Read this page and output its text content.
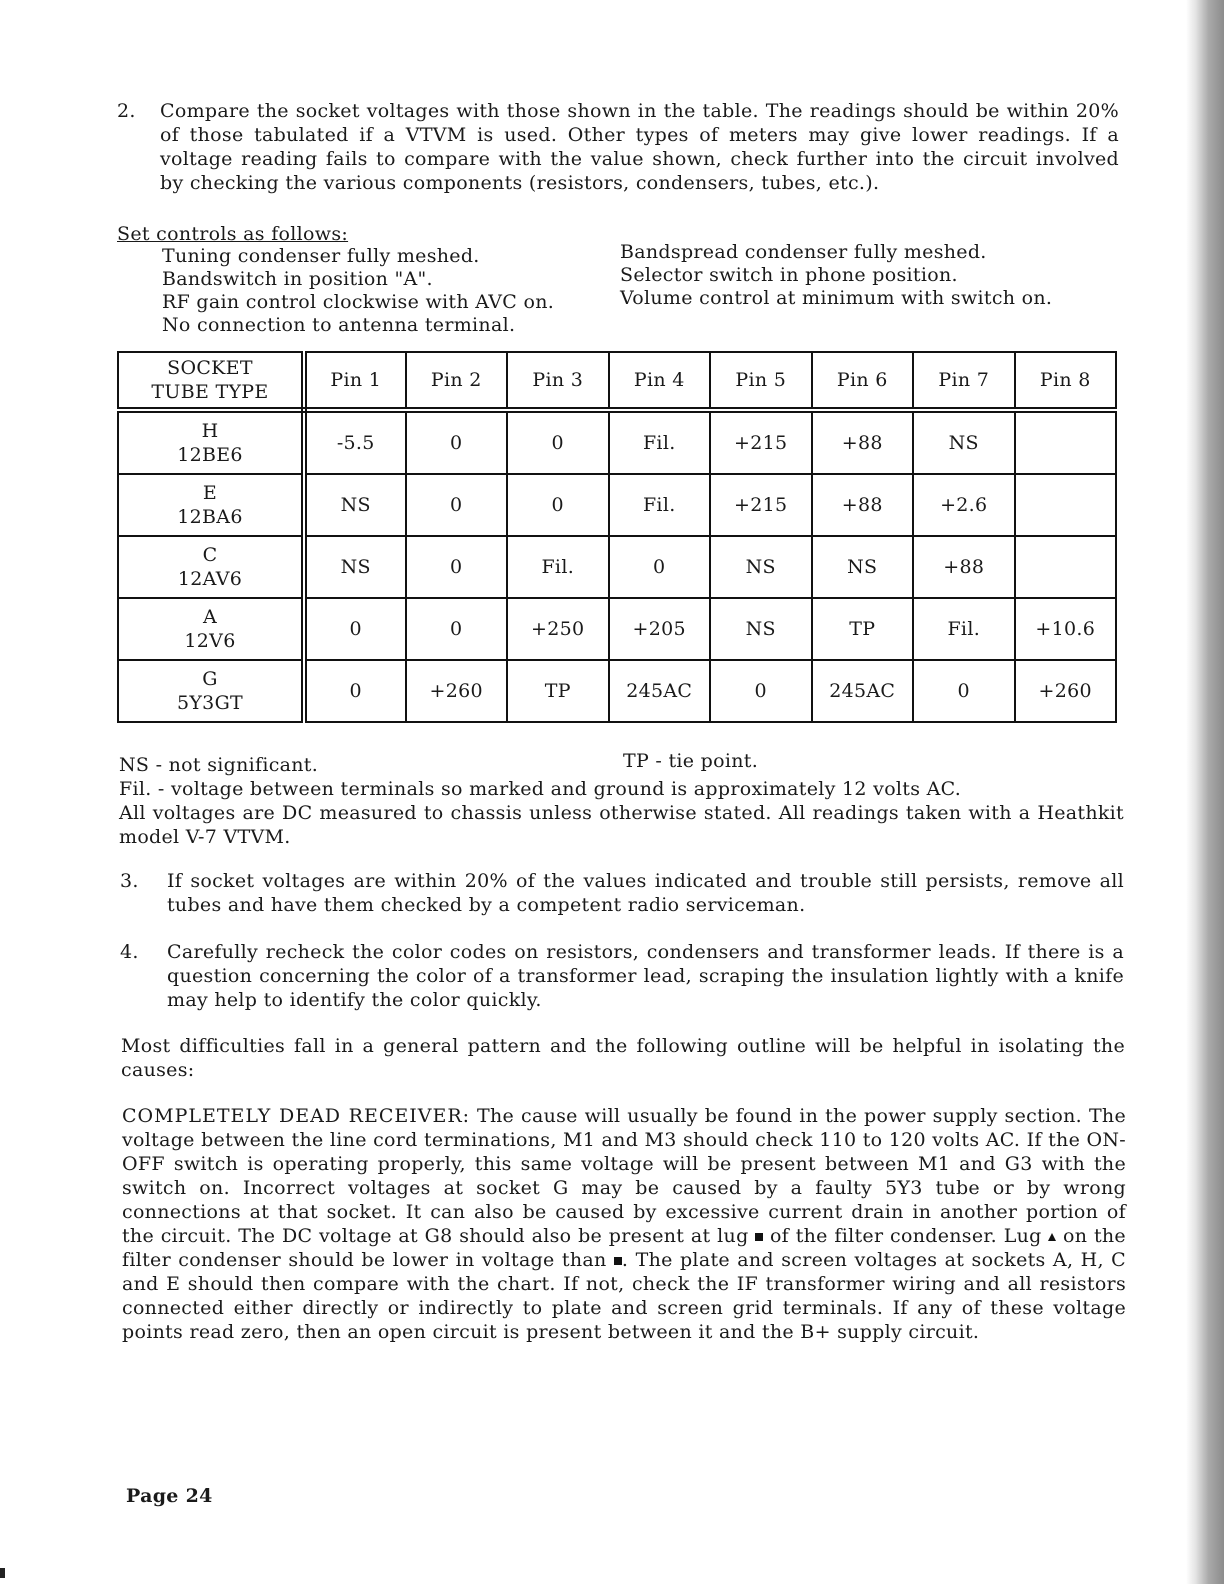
2. Compare the socket voltages with those shown in the table. The readings should be within 20% of those tabulated if a VTVM is used. Other types of meters may give lower readings. If a voltage reading fails to compare with the value shown, check further into the circuit involved by checking the various components (resistors, condensers, tubes, etc.).

Set controls as follows:
Tuning condenser fully meshed.
Bandswitch in position "A".
RF gain control clockwise with AVC on.
No connection to antenna terminal.
Bandspread condenser fully meshed.
Selector switch in phone position.
Volume control at minimum with switch on.
SOCKET
TUBE TYPE	Pin 1	Pin 2	Pin 3	Pin 4	Pin 5	Pin 6	Pin 7	Pin 8

H
12BE6	-5.5	0	0	Fil.	+215	+88	NS	

E
12BA6	NS	0	0	Fil.	+215	+88	+2.6	

C
12AV6	NS	0	Fil.	0	NS	NS	+88	

A
12V6	0	0	+250	+205	NS	TP	Fil.	+10.6

G
5Y3GT	0	+260	TP	245AC	0	245AC	0	+260
NS - not significant.	TP - tie point.

Fil. - voltage between terminals so marked and ground is approximately 12 volts AC.

All voltages are DC measured to chassis unless otherwise stated. All readings taken with a Heathkit model V-7 VTVM.

3. If socket voltages are within 20% of the values indicated and trouble still persists, remove all tubes and have them checked by a competent radio serviceman.

4. Carefully recheck the color codes on resistors, condensers and transformer leads. If there is a question concerning the color of a transformer lead, scraping the insulation lightly with a knife may help to identify the color quickly.

Most difficulties fall in a general pattern and the following outline will be helpful in isolating the causes:

COMPLETELY DEAD RECEIVER: The cause will usually be found in the power supply section. The voltage between the line cord terminations, M1 and M3 should check 110 to 120 volts AC. If the ON-OFF switch is operating properly, this same voltage will be present between M1 and G3 with the switch on. Incorrect voltages at socket G may be caused by a faulty 5Y3 tube or by wrong connections at that socket. It can also be caused by excessive current drain in another portion of the circuit. The DC voltage at G8 should also be present at lug of the filter condenser. Lug on the filter condenser should be lower in voltage than . The plate and screen voltages at sockets A, H, C and E should then compare with the chart. If not, check the IF transformer wiring and all resistors connected either directly or indirectly to plate and screen grid terminals. If any of these voltage points read zero, then an open circuit is present between it and the B+ supply circuit.

Page 24
